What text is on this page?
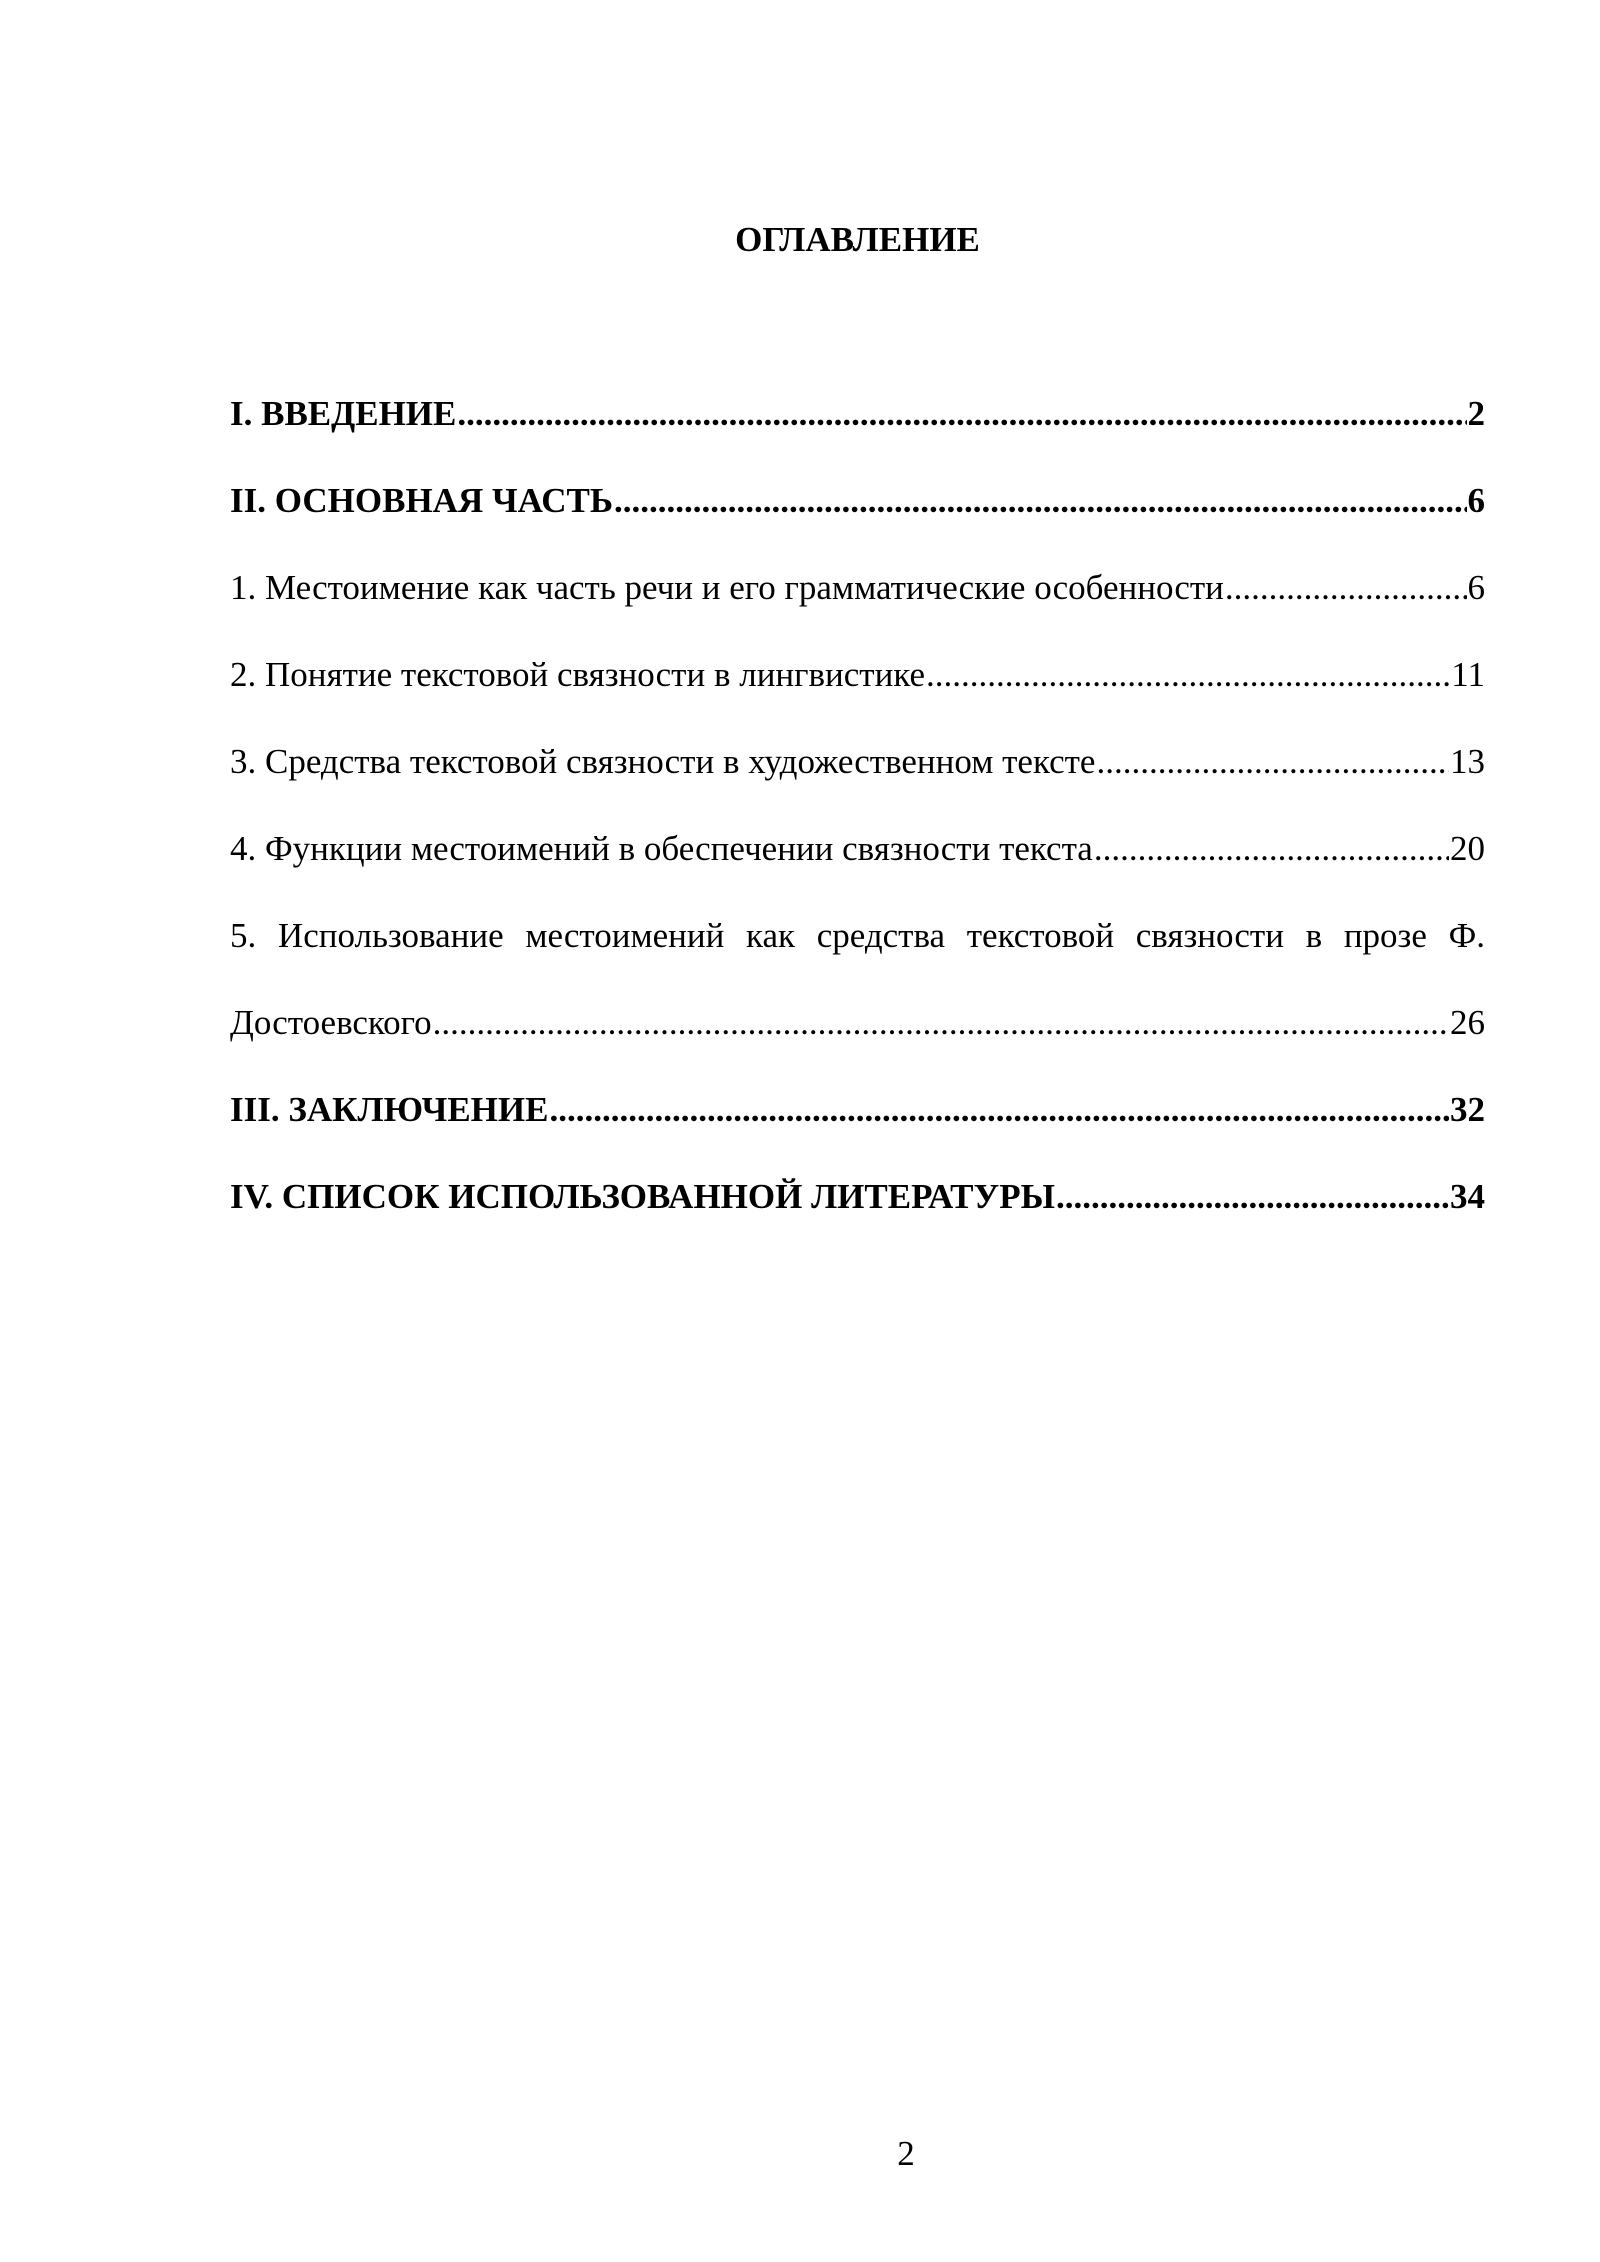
ОГЛАВЛЕНИЕ
I. ВВЕДЕНИЕ .....	2
II. ОСНОВНАЯ ЧАСТЬ .....	6
1. Местоимение как часть речи и его грамматические особенности .....	6
2. Понятие текстовой связности в лингвистике .....	11
3. Средства текстовой связности в художественном тексте .....	13
4. Функции местоимений в обеспечении связности текста .....	20
5. Использование местоимений как средства текстовой связности в прозе Ф.
Достоевского .....	26
III. ЗАКЛЮЧЕНИЕ .....	32
IV. СПИСОК ИСПОЛЬЗОВАННОЙ ЛИТЕРАТУРЫ .....	34
2
